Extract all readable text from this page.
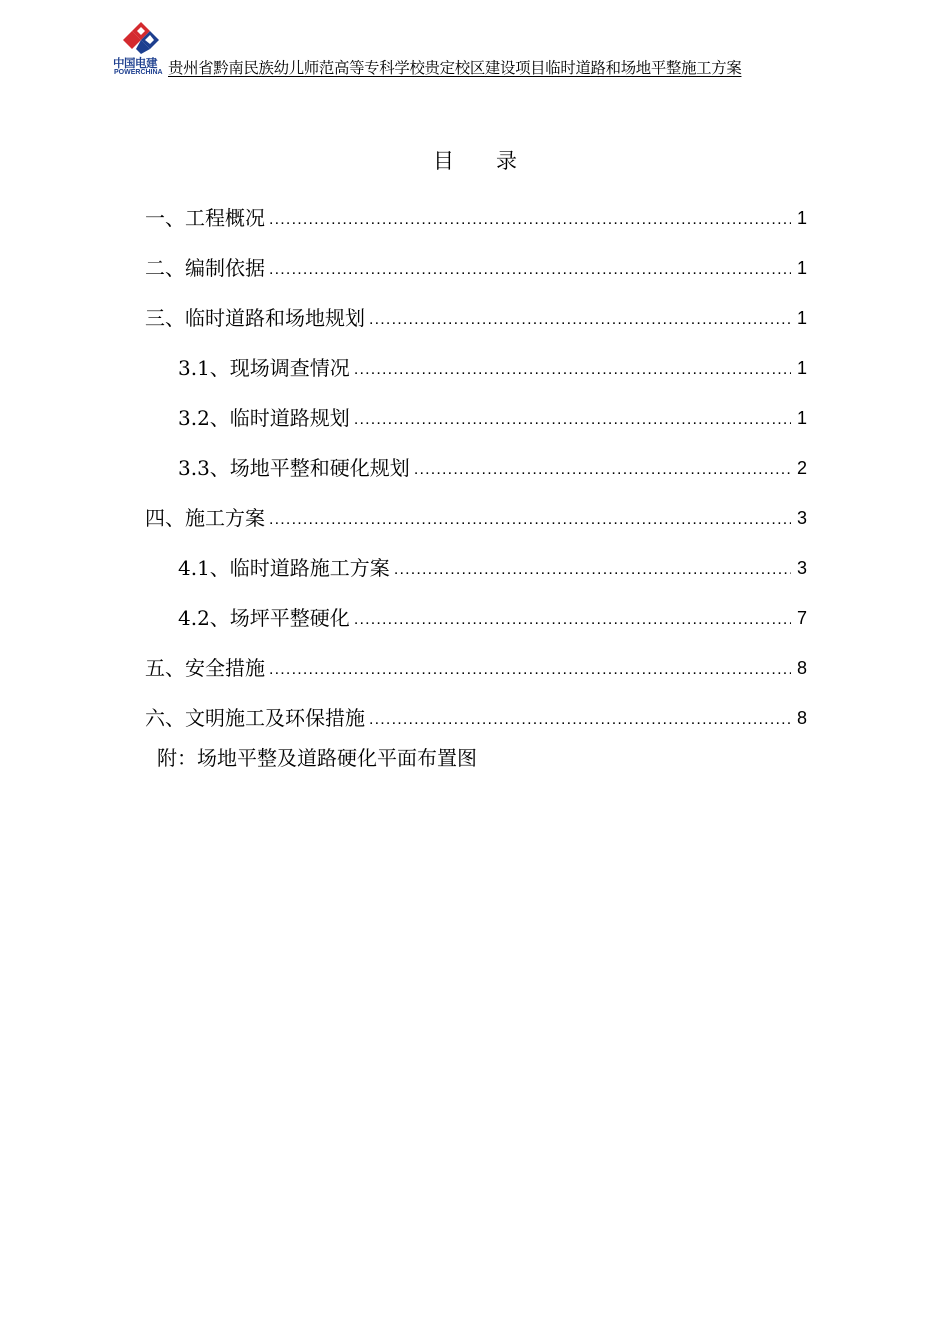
中国电建
POWERCHINA 贵州省黔南民族幼儿师范高等专科学校贵定校区建设项目临时道路和场地平整施工方案
目 录
一、工程概况 .....	1
二、编制依据 .....	1
三、临时道路和场地规划 .....	1
3.1、现场调查情况 .....	1
3.2、临时道路规划 .....	1
3.3、场地平整和硬化规划 .....	2
四、施工方案 .....	3
4.1、临时道路施工方案 .....	3
4.2、场坪平整硬化 .....	7
五、安全措施 .....	8
六、文明施工及环保措施 .....	8
附：场地平整及道路硬化平面布置图
